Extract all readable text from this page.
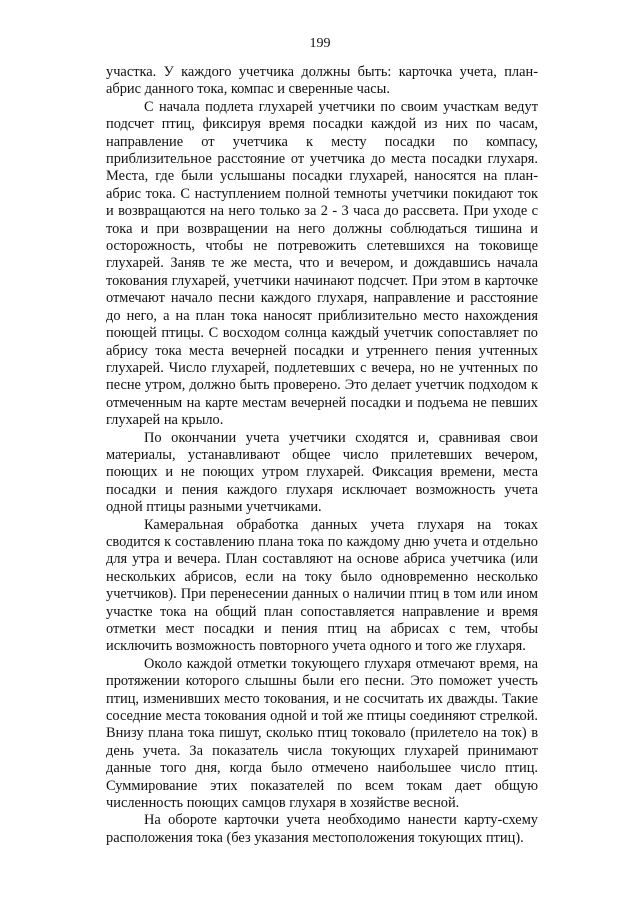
199

участка. У каждого учетчика должны быть: карточка учета, план-абрис данного тока, компас и сверенные часы.

С начала подлета глухарей учетчики по своим участкам ведут подсчет птиц, фиксируя время посадки каждой из них по часам, направление от учетчика к месту посадки по компасу, приблизительное расстояние от учетчика до места посадки глухаря. Места, где были услышаны посадки глухарей, наносятся на план-абрис тока. С наступлением полной темноты учетчики покидают ток и возвращаются на него только за 2 - 3 часа до рассвета. При уходе с тока и при возвращении на него должны соблюдаться тишина и осторожность, чтобы не потревожить слетевшихся на токовище глухарей. Заняв те же места, что и вечером, и дождавшись начала токования глухарей, учетчики начинают подсчет. При этом в карточке отмечают начало песни каждого глухаря, направление и расстояние до него, а на план тока наносят приблизительно место нахождения поющей птицы. С восходом солнца каждый учетчик сопоставляет по абрису тока места вечерней посадки и утреннего пения учтенных глухарей. Число глухарей, подлетевших с вечера, но не учтенных по песне утром, должно быть проверено. Это делает учетчик подходом к отмеченным на карте местам вечерней посадки и подъема не певших глухарей на крыло.

По окончании учета учетчики сходятся и, сравнивая свои материалы, устанавливают общее число прилетевших вечером, поющих и не поющих утром глухарей. Фиксация времени, места посадки и пения каждого глухаря исключает возможность учета одной птицы разными учетчиками.

Камеральная обработка данных учета глухаря на токах сводится к составлению плана тока по каждому дню учета и отдельно для утра и вечера. План составляют на основе абриса учетчика (или нескольких абрисов, если на току было одновременно несколько учетчиков). При перенесении данных о наличии птиц в том или ином участке тока на общий план сопоставляется направление и время отметки мест посадки и пения птиц на абрисах с тем, чтобы исключить возможность повторного учета одного и того же глухаря.

Около каждой отметки токующего глухаря отмечают время, на протяжении которого слышны были его песни. Это поможет учесть птиц, изменивших место токования, и не сосчитать их дважды. Такие соседние места токования одной и той же птицы соединяют стрелкой. Внизу плана тока пишут, сколько птиц токовало (прилетело на ток) в день учета. За показатель числа токующих глухарей принимают данные того дня, когда было отмечено наибольшее число птиц. Суммирование этих показателей по всем токам дает общую численность поющих самцов глухаря в хозяйстве весной.

На обороте карточки учета необходимо нанести карту-схему расположения тока (без указания местоположения токующих птиц).
